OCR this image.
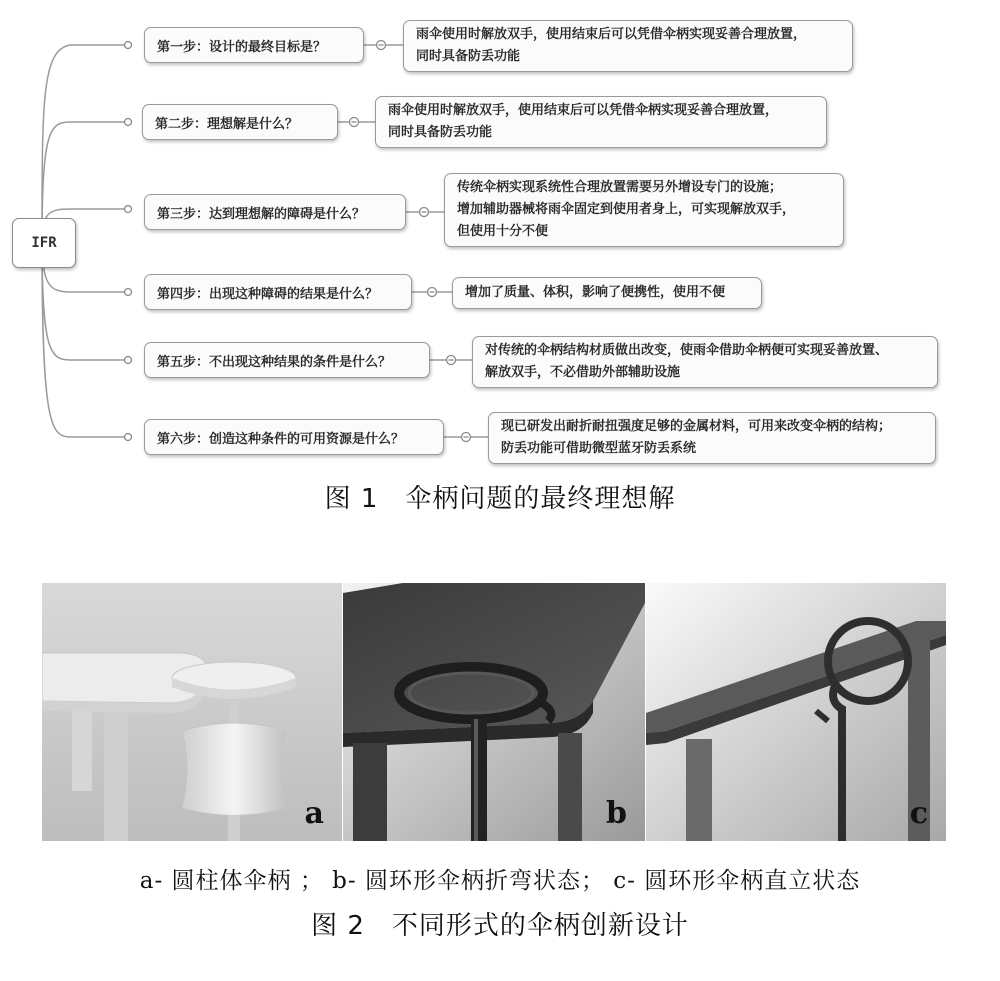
IFR
第一步：设计的最终目标是？
雨伞使用时解放双手，使用结束后可以凭借伞柄实现妥善合理放置，
同时具备防丢功能
第二步：理想解是什么？
雨伞使用时解放双手，使用结束后可以凭借伞柄实现妥善合理放置，
同时具备防丢功能
第三步：达到理想解的障碍是什么？
传统伞柄实现系统性合理放置需要另外增设专门的设施；
增加辅助器械将雨伞固定到使用者身上，可实现解放双手，
但使用十分不便
第四步：出现这种障碍的结果是什么？	增加了质量、体积，影响了便携性，使用不便
第五步：不出现这种结果的条件是什么？
对传统的伞柄结构材质做出改变，使雨伞借助伞柄便可实现妥善放置、
解放双手，不必借助外部辅助设施
第六步：创造这种条件的可用资源是什么？
现已研发出耐折耐扭强度足够的金属材料，可用来改变伞柄的结构；
防丢功能可借助微型蓝牙防丢系统
图 1　伞柄问题的最终理想解
a	b	c
a- 圆柱体伞柄 ； b- 圆环形伞柄折弯状态； c- 圆环形伞柄直立状态
图 2　不同形式的伞柄创新设计
